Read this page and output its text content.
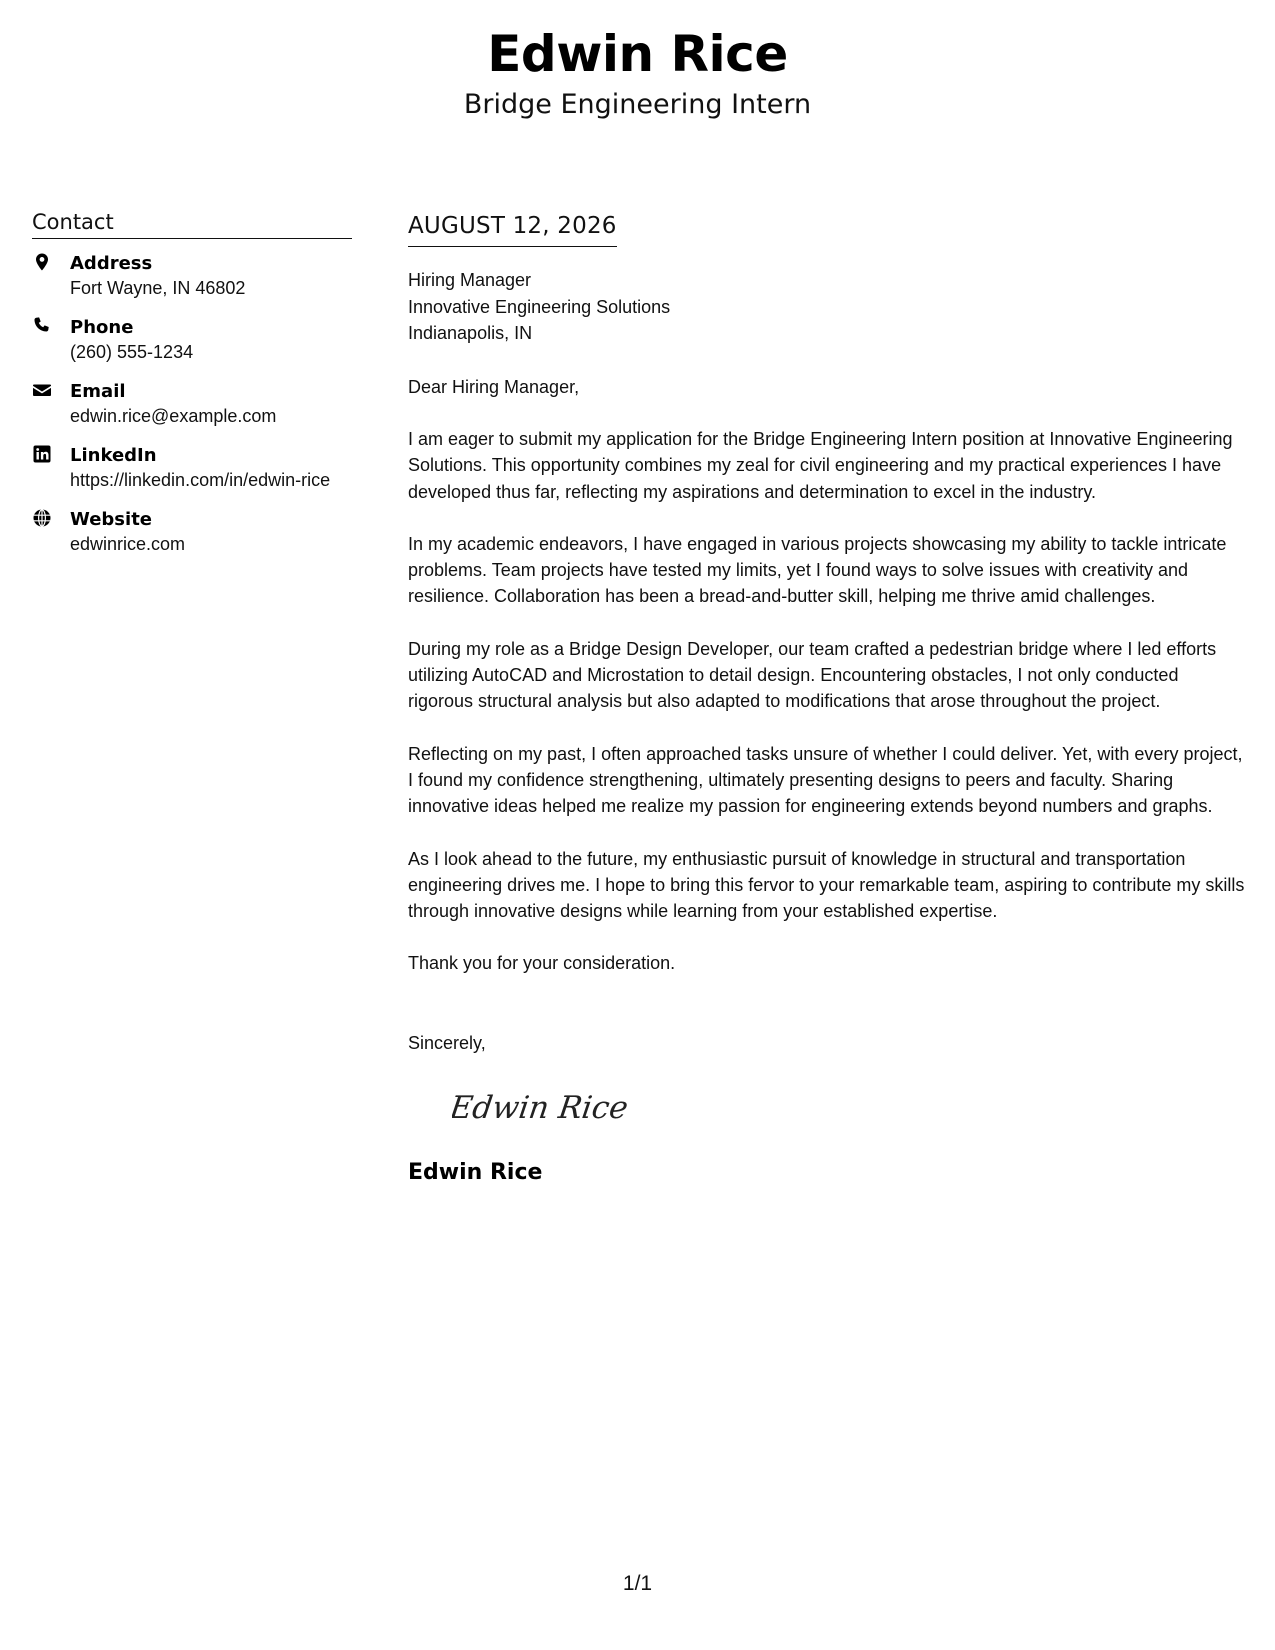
Edwin Rice
Bridge Engineering Intern
Contact
Address
Fort Wayne, IN 46802
Phone
(260) 555-1234
Email
edwin.rice@example.com
LinkedIn
https://linkedin.com/in/edwin-rice
Website
edwinrice.com
AUGUST 12, 2026
Hiring Manager
Innovative Engineering Solutions
Indianapolis, IN
Dear Hiring Manager,

I am eager to submit my application for the Bridge Engineering Intern position at Innovative Engineering Solutions. This opportunity combines my zeal for civil engineering and my practical experiences I have developed thus far, reflecting my aspirations and determination to excel in the industry.

In my academic endeavors, I have engaged in various projects showcasing my ability to tackle intricate problems. Team projects have tested my limits, yet I found ways to solve issues with creativity and resilience. Collaboration has been a bread-and-butter skill, helping me thrive amid challenges.

During my role as a Bridge Design Developer, our team crafted a pedestrian bridge where I led efforts utilizing AutoCAD and Microstation to detail design. Encountering obstacles, I not only conducted rigorous structural analysis but also adapted to modifications that arose throughout the project.

Reflecting on my past, I often approached tasks unsure of whether I could deliver. Yet, with every project, I found my confidence strengthening, ultimately presenting designs to peers and faculty. Sharing innovative ideas helped me realize my passion for engineering extends beyond numbers and graphs.

As I look ahead to the future, my enthusiastic pursuit of knowledge in structural and transportation engineering drives me. I hope to bring this fervor to your remarkable team, aspiring to contribute my skills through innovative designs while learning from your established expertise.

Thank you for your consideration.

Sincerely,
Edwin Rice
Edwin Rice
1/1
